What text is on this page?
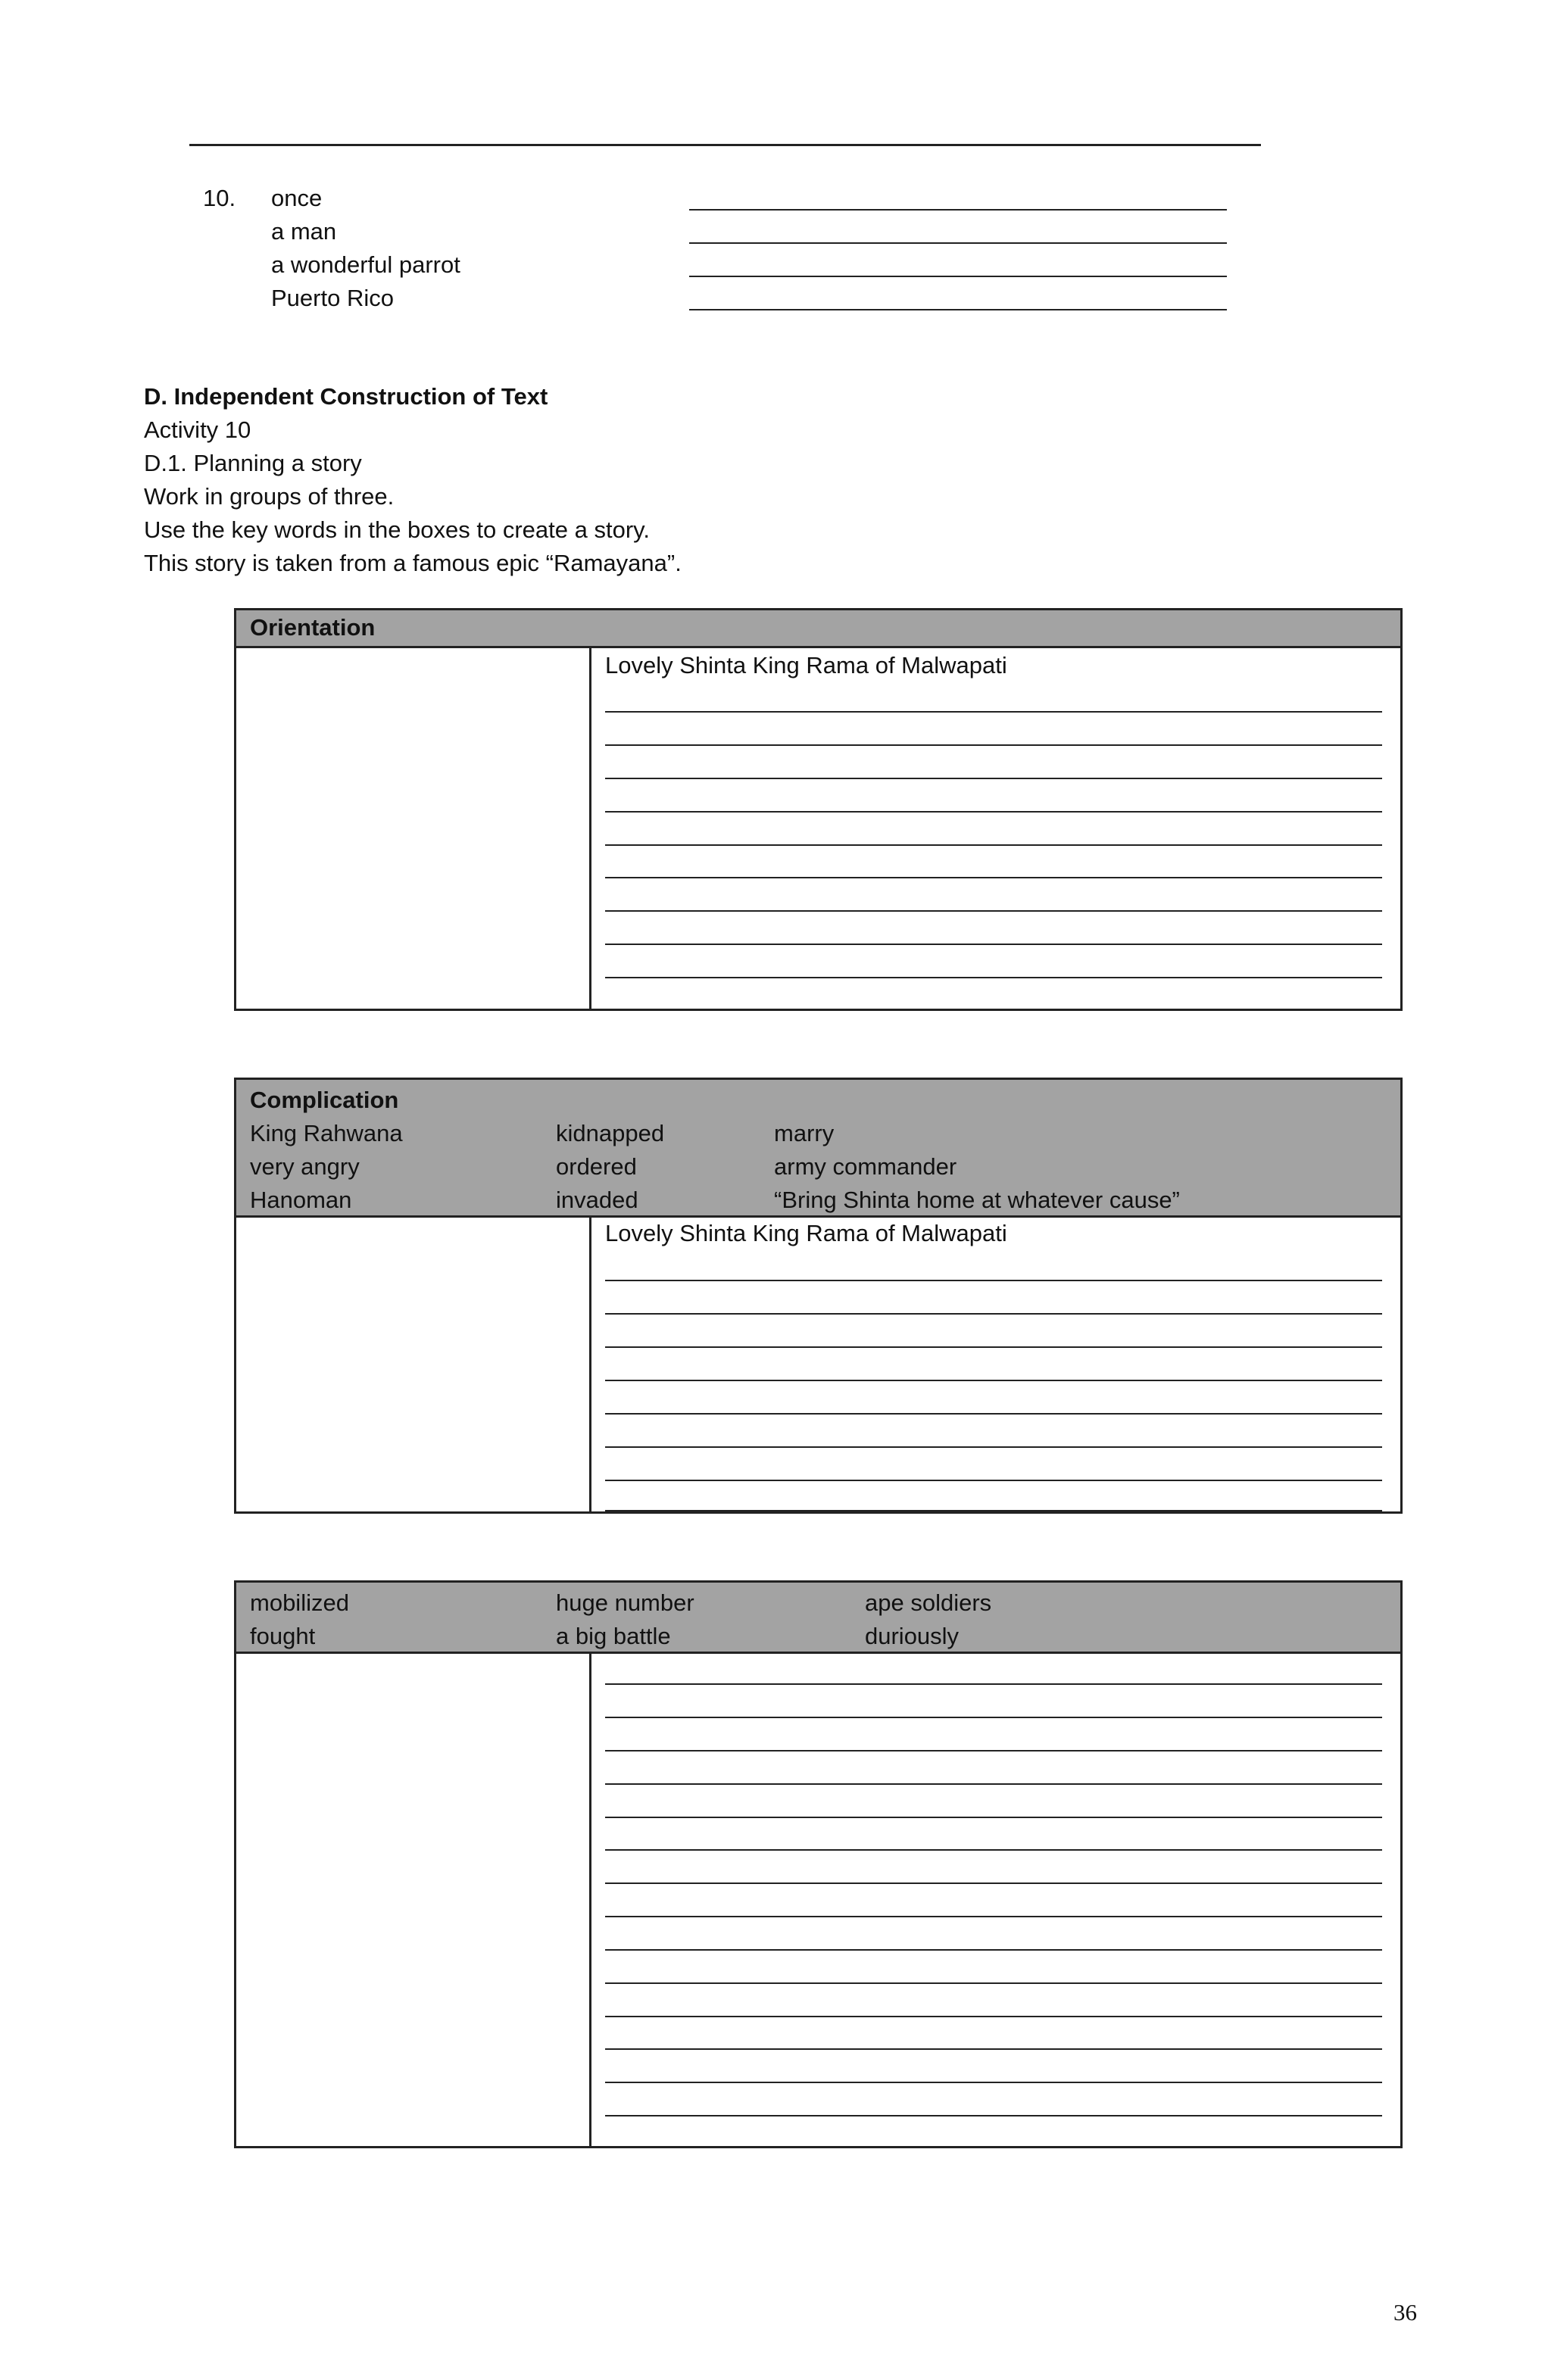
10. once
a man
a wonderful parrot
Puerto Rico
D. Independent Construction of Text
Activity 10
D.1. Planning a story
Work in groups of three.
Use the key words in the boxes to create a story.
This story is taken from a famous epic “Ramayana”.
Orientation
Lovely Shinta King Rama of Malwapati
Complication
King Rahwana	kidnapped	marry
very angry	ordered	army commander
Hanoman	invaded	“Bring Shinta home at whatever cause”
Lovely Shinta King Rama of Malwapati
mobilized	huge number	ape soldiers
fought	a big battle	duriously
36
